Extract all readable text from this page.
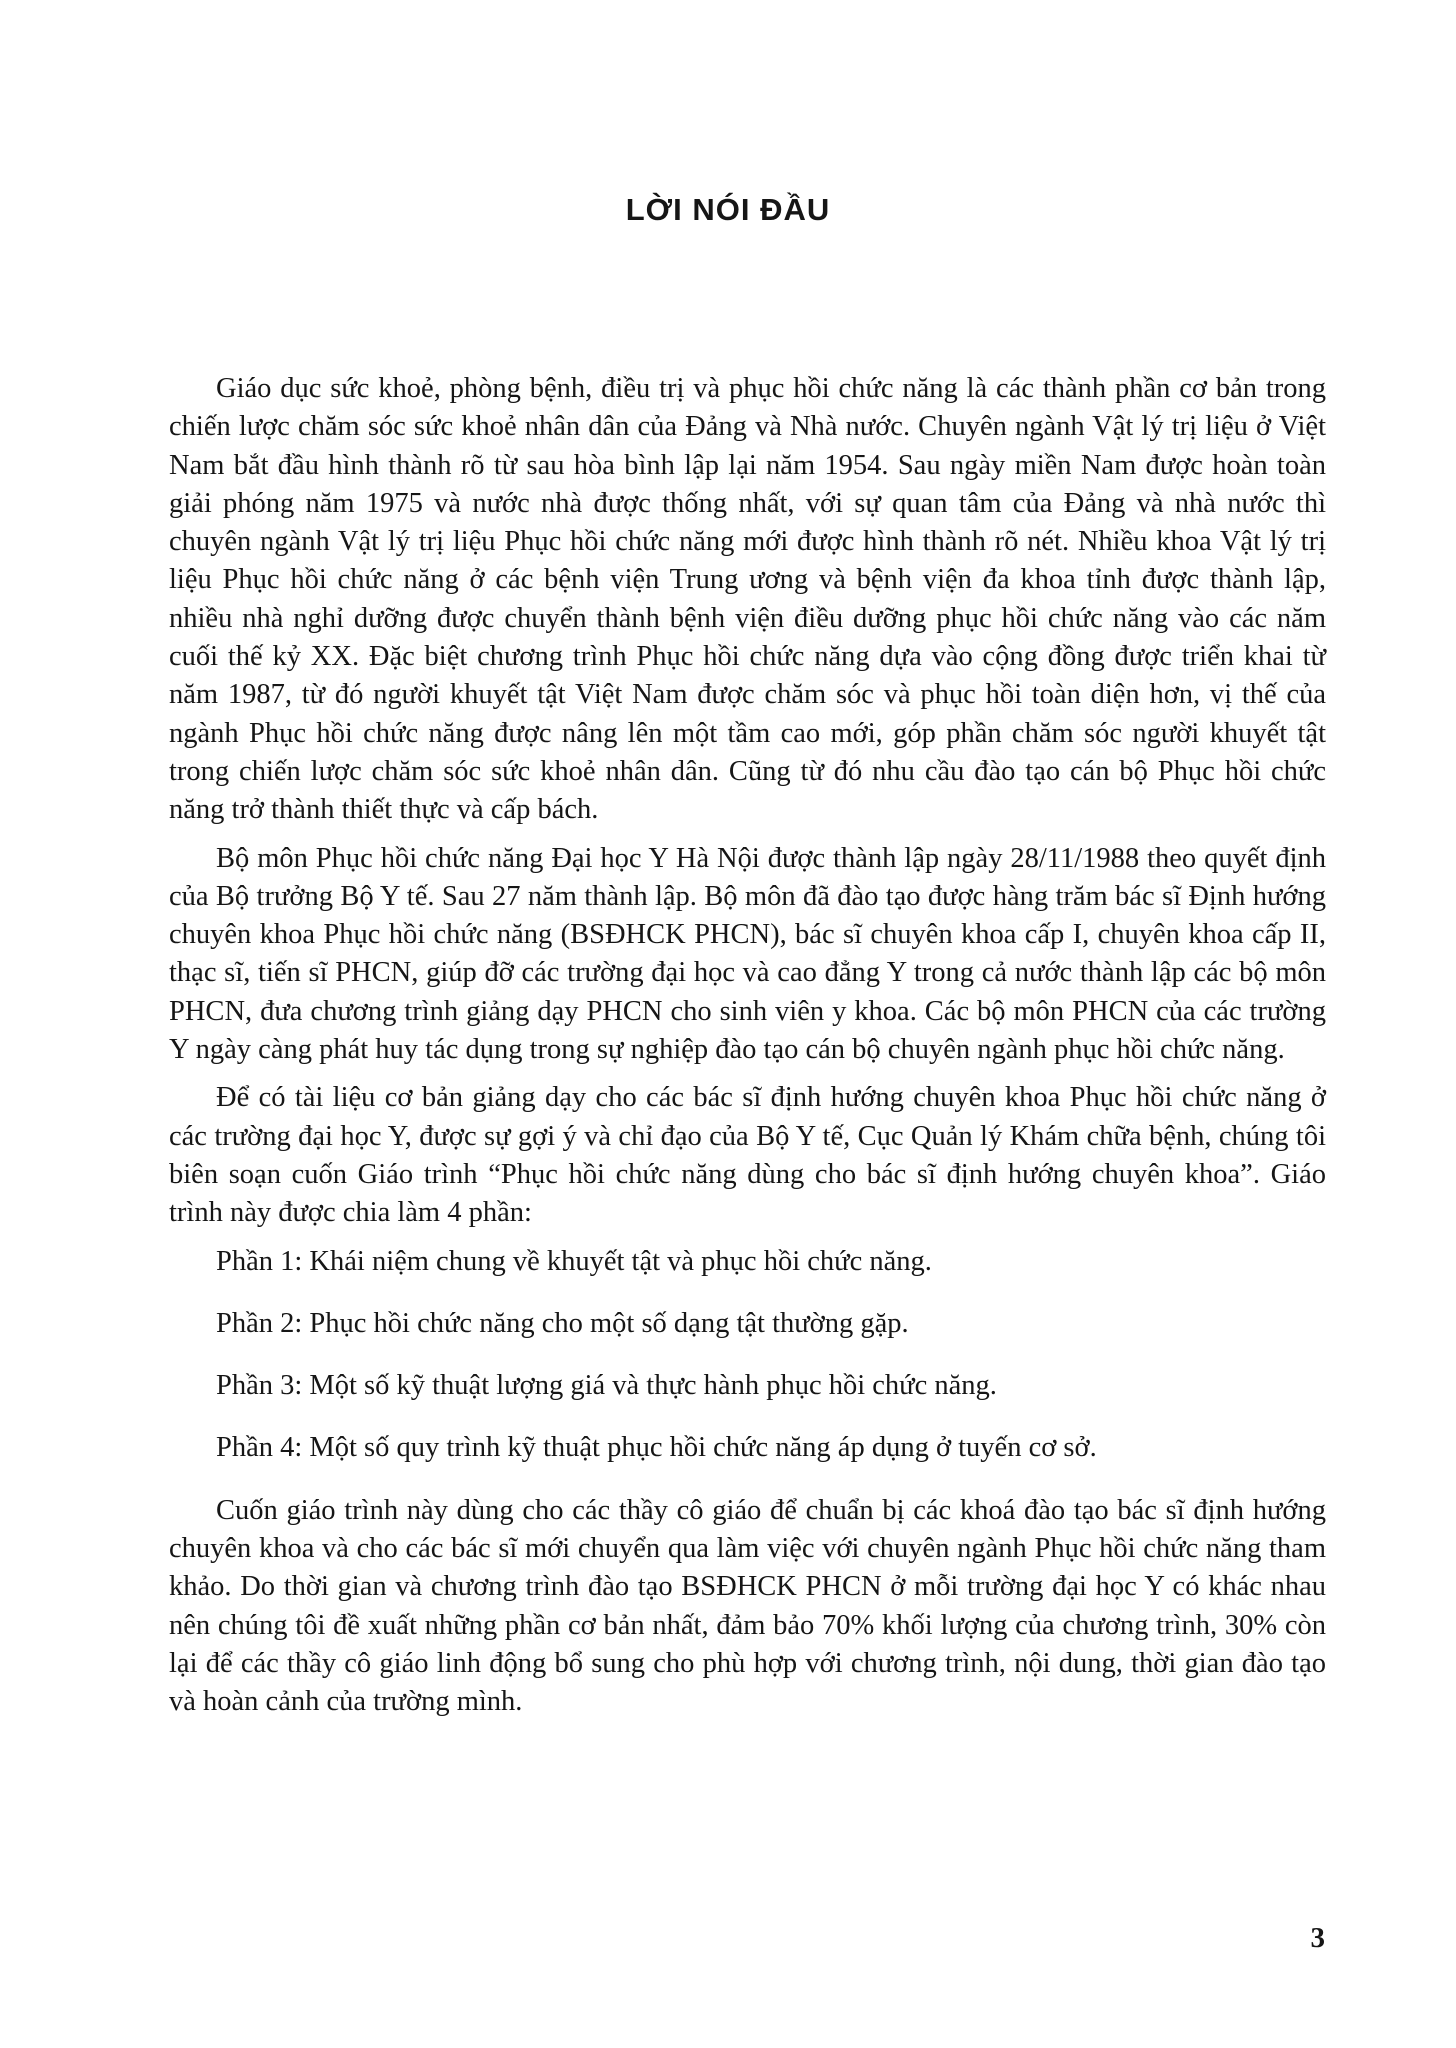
LỜI NÓI ĐẦU

Giáo dục sức khoẻ, phòng bệnh, điều trị và phục hồi chức năng là các thành phần cơ bản trong chiến lược chăm sóc sức khoẻ nhân dân của Đảng và Nhà nước. Chuyên ngành Vật lý trị liệu ở Việt Nam bắt đầu hình thành rõ từ sau hòa bình lập lại năm 1954. Sau ngày miền Nam được hoàn toàn giải phóng năm 1975 và nước nhà được thống nhất, với sự quan tâm của Đảng và nhà nước thì chuyên ngành Vật lý trị liệu Phục hồi chức năng mới được hình thành rõ nét. Nhiều khoa Vật lý trị liệu Phục hồi chức năng ở các bệnh viện Trung ương và bệnh viện đa khoa tỉnh được thành lập, nhiều nhà nghỉ dưỡng được chuyển thành bệnh viện điều dưỡng phục hồi chức năng vào các năm cuối thế kỷ XX. Đặc biệt chương trình Phục hồi chức năng dựa vào cộng đồng được triển khai từ năm 1987, từ đó người khuyết tật Việt Nam được chăm sóc và phục hồi toàn diện hơn, vị thế của ngành Phục hồi chức năng được nâng lên một tầm cao mới, góp phần chăm sóc người khuyết tật trong chiến lược chăm sóc sức khoẻ nhân dân. Cũng từ đó nhu cầu đào tạo cán bộ Phục hồi chức năng trở thành thiết thực và cấp bách.

Bộ môn Phục hồi chức năng Đại học Y Hà Nội được thành lập ngày 28/11/1988 theo quyết định của Bộ trưởng Bộ Y tế. Sau 27 năm thành lập. Bộ môn đã đào tạo được hàng trăm bác sĩ Định hướng chuyên khoa Phục hồi chức năng (BSĐHCK PHCN), bác sĩ chuyên khoa cấp I, chuyên khoa cấp II, thạc sĩ, tiến sĩ PHCN, giúp đỡ các trường đại học và cao đẳng Y trong cả nước thành lập các bộ môn PHCN, đưa chương trình giảng dạy PHCN cho sinh viên y khoa. Các bộ môn PHCN của các trường Y ngày càng phát huy tác dụng trong sự nghiệp đào tạo cán bộ chuyên ngành phục hồi chức năng.

Để có tài liệu cơ bản giảng dạy cho các bác sĩ định hướng chuyên khoa Phục hồi chức năng ở các trường đại học Y, được sự gợi ý và chỉ đạo của Bộ Y tế, Cục Quản lý Khám chữa bệnh, chúng tôi biên soạn cuốn Giáo trình “Phục hồi chức năng dùng cho bác sĩ định hướng chuyên khoa”. Giáo trình này được chia làm 4 phần:

Phần 1: Khái niệm chung về khuyết tật và phục hồi chức năng.

Phần 2: Phục hồi chức năng cho một số dạng tật thường gặp.

Phần 3: Một số kỹ thuật lượng giá và thực hành phục hồi chức năng.

Phần 4: Một số quy trình kỹ thuật phục hồi chức năng áp dụng ở tuyến cơ sở.

Cuốn giáo trình này dùng cho các thầy cô giáo để chuẩn bị các khoá đào tạo bác sĩ định hướng chuyên khoa và cho các bác sĩ mới chuyển qua làm việc với chuyên ngành Phục hồi chức năng tham khảo. Do thời gian và chương trình đào tạo BSĐHCK PHCN ở mỗi trường đại học Y có khác nhau nên chúng tôi đề xuất những phần cơ bản nhất, đảm bảo 70% khối lượng của chương trình, 30% còn lại để các thầy cô giáo linh động bổ sung cho phù hợp với chương trình, nội dung, thời gian đào tạo và hoàn cảnh của trường mình.

3
